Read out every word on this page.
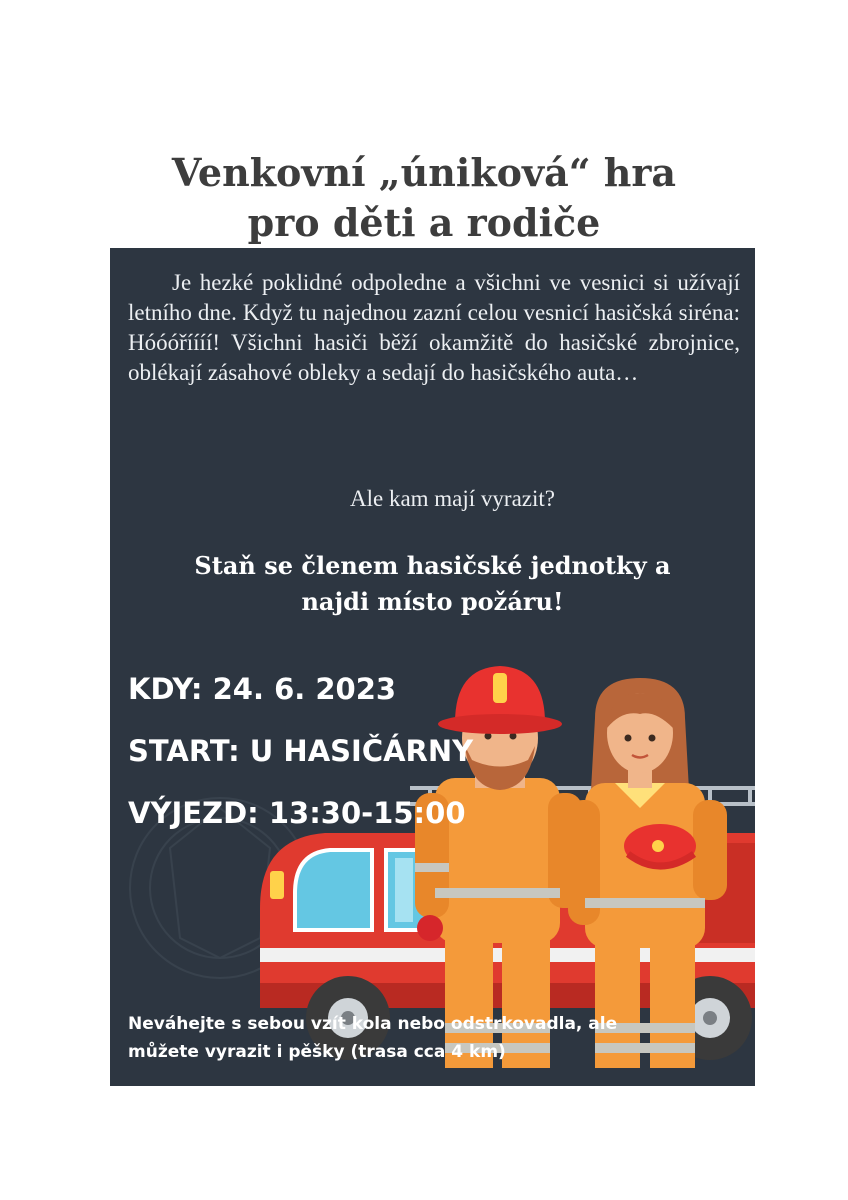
Venkovní „úniková“ hra
pro děti a rodiče

Je hezké poklidné odpoledne a všichni ve vesnici si užívají letního dne. Když tu najednou zazní celou vesnicí hasičská siréna: Hóóóříííí! Všichni hasiči běží okamžitě do hasičské zbrojnice, oblékají zásahové obleky a sedají do hasičského auta…

Ale kam mají vyrazit?
Staň se členem hasičské jednotky a
najdi místo požáru!
KDY: 24. 6. 2023
START: U HASIČÁRNY
VÝJEZD: 13:30-15:00
Neváhejte s sebou vzít kola nebo odstrkovadla, ale
můžete vyrazit i pěšky (trasa cca 4 km)
